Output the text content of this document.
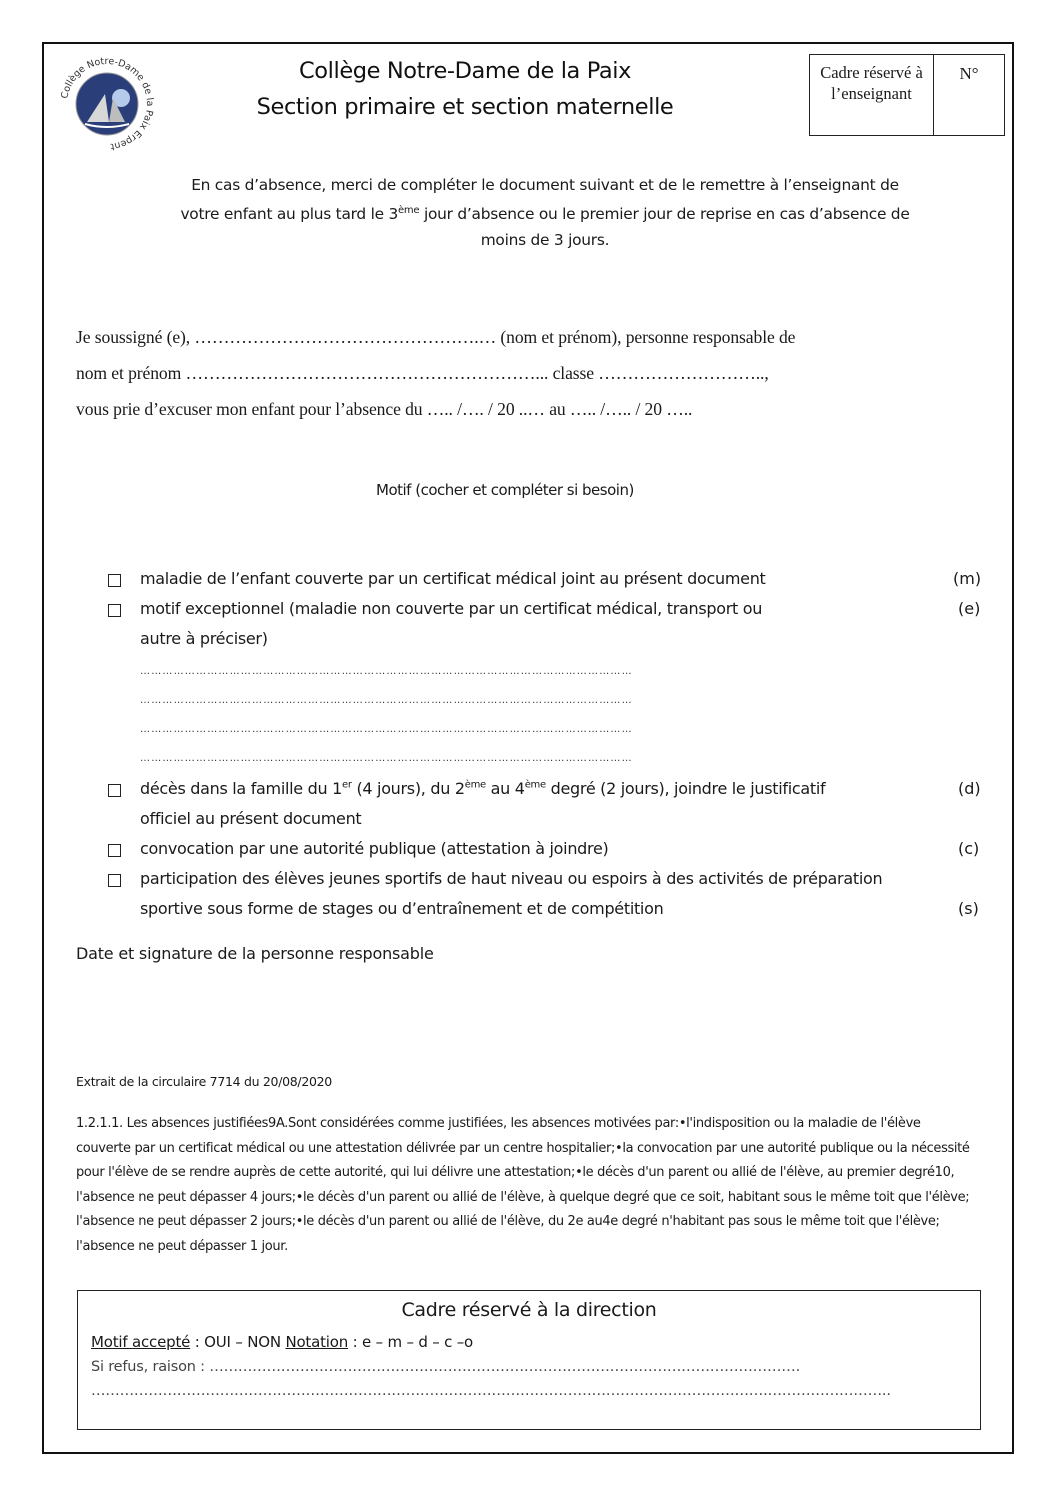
Collège Notre-Dame de la Paix Erpent
Collège Notre-Dame de la Paix
Section primaire et section maternelle
Cadre réservé à l’enseignant
N°
En cas d’absence, merci de compléter le document suivant et de le remettre à l’enseignant de
votre enfant au plus tard le 3ème jour d’absence ou le premier jour de reprise en cas d’absence de
moins de 3 jours.
Je soussigné (e), ………………………………………….… (nom et prénom), personne responsable de
nom et prénom ……………………………………………………... classe ………………………..,
vous prie d’excuser mon enfant pour l’absence du ….. /…. / 20 ..… au ….. /….. / 20 …..
Motif (cocher et compléter si besoin)
maladie de l’enfant couverte par un certificat médical joint au présent document	(m)
motif exceptionnel (maladie non couverte par un certificat médical, transport ou	(e)
autre à préciser)
……………………………………………………………………………………………………………………
……………………………………………………………………………………………………………………
……………………………………………………………………………………………………………………
……………………………………………………………………………………………………………………
décès dans la famille du 1er (4 jours), du 2ème au 4ème degré (2 jours), joindre le justificatif	(d)
officiel au présent document
convocation par une autorité publique (attestation à joindre)	(c)
participation des élèves jeunes sportifs de haut niveau ou espoirs à des activités de préparation
sportive sous forme de stages ou d’entraînement et de compétition	(s)
Date et signature de la personne responsable
Extrait de la circulaire 7714 du 20/08/2020
1.2.1.1. Les absences justifiées9A.Sont considérées comme justifiées, les absences motivées par:•l'indisposition ou la maladie de l'élève couverte par un certificat médical ou une attestation délivrée par un centre hospitalier;•la convocation par une autorité publique ou la nécessité pour l'élève de se rendre auprès de cette autorité, qui lui délivre une attestation;•le décès d'un parent ou allié de l'élève, au premier degré10, l'absence ne peut dépasser 4 jours;•le décès d'un parent ou allié de l'élève, à quelque degré que ce soit, habitant sous le même toit que l'élève; l'absence ne peut dépasser 2 jours;•le décès d'un parent ou allié de l'élève, du 2e au4e degré n'habitant pas sous le même toit que l'élève; l'absence ne peut dépasser 1 jour.
Cadre réservé à la direction
Motif accepté : OUI – NON Notation : e – m – d – c –o
Si refus, raison : …………………………………………………………………………………………………………….
…………………………………………………………………………………………………………………………….……………………..
